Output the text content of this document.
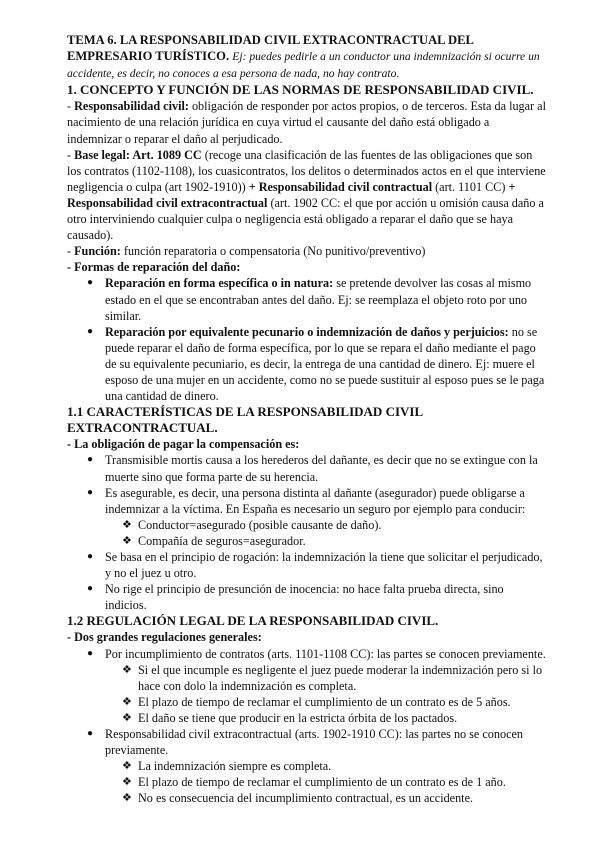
TEMA 6. LA RESPONSABILIDAD CIVIL EXTRACONTRACTUAL DEL EMPRESARIO TURÍSTICO. Ej: puedes pedirle a un conductor una indemnización si ocurre un accidente, es decir, no conoces a esa persona de nada, no hay contrato.

1. CONCEPTO Y FUNCIÓN DE LAS NORMAS DE RESPONSABILIDAD CIVIL.

- Responsabilidad civil: obligación de responder por actos propios, o de terceros. Esta da lugar al nacimiento de una relación jurídica en cuya virtud el causante del daño está obligado a indemnizar o reparar el daño al perjudicado.

- Base legal: Art. 1089 CC (recoge una clasificación de las fuentes de las obligaciones que son los contratos (1102-1108), los cuasicontratos, los delitos o determinados actos en el que interviene negligencia o culpa (art 1902-1910)) + Responsabilidad civil contractual (art. 1101 CC) + Responsabilidad civil extracontractual (art. 1902 CC: el que por acción u omisión causa daño a otro interviniendo cualquier culpa o negligencia está obligado a reparar el daño que se haya causado).

- Función: función reparatoria o compensatoria (No punitivo/preventivo)

- Formas de reparación del daño:

● Reparación en forma específica o in natura: se pretende devolver las cosas al mismo estado en el que se encontraban antes del daño. Ej: se reemplaza el objeto roto por uno similar.
● Reparación por equivalente pecunario o indemnización de daños y perjuicios: no se puede reparar el daño de forma específica, por lo que se repara el daño mediante el pago de su equivalente pecuniario, es decir, la entrega de una cantidad de dinero. Ej: muere el esposo de una mujer en un accidente, como no se puede sustituir al esposo pues se le paga una cantidad de dinero.
1.1 CARACTERÍSTICAS DE LA RESPONSABILIDAD CIVIL EXTRACONTRACTUAL.

- La obligación de pagar la compensación es:

● Transmisible mortis causa a los herederos del dañante, es decir que no se extingue con la muerte sino que forma parte de su herencia.
● Es asegurable, es decir, una persona distinta al dañante (asegurador) puede obligarse a indemnizar a la víctima. En España es necesario un seguro por ejemplo para conducir:
❖ Conductor=asegurado (posible causante de daño).
❖ Compañía de seguros=asegurador.
● Se basa en el principio de rogación: la indemnización la tiene que solicitar el perjudicado, y no el juez u otro.
● No rige el principio de presunción de inocencia: no hace falta prueba directa, sino indicios.
1.2 REGULACIÓN LEGAL DE LA RESPONSABILIDAD CIVIL.

- Dos grandes regulaciones generales:

● Por incumplimiento de contratos (arts. 1101-1108 CC): las partes se conocen previamente.
❖ Si el que incumple es negligente el juez puede moderar la indemnización pero si lo hace con dolo la indemnización es completa.
❖ El plazo de tiempo de reclamar el cumplimiento de un contrato es de 5 años.
❖ El daño se tiene que producir en la estricta órbita de los pactados.
● Responsabilidad civil extracontractual (arts. 1902-1910 CC): las partes no se conocen previamente.
❖ La indemnización siempre es completa.
❖ El plazo de tiempo de reclamar el cumplimiento de un contrato es de 1 año.
❖ No es consecuencia del incumplimiento contractual, es un accidente.
